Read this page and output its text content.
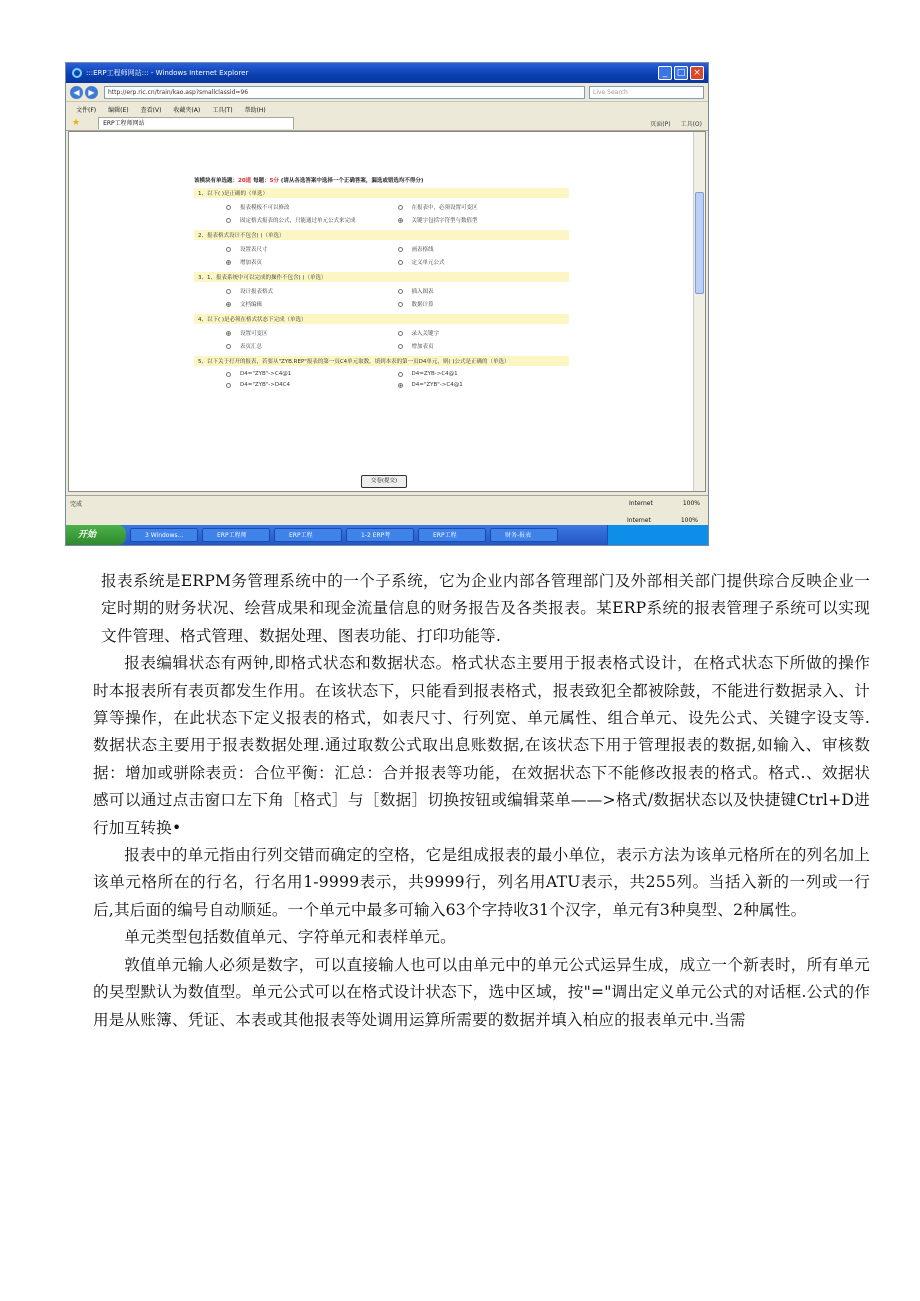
:::ERP工程师网站::: - Windows Internet Explorer	_	□ ×
◀	▶	http://erp.ric.cn/train/kao.asp?smallclassid=96	Live Search
文件(F) 编辑(E) 查看(V) 收藏夹(A) 工具(T) 帮助(H)
★	ERP工程师网站	页面(P) 工具(O)
该模块有单选题：20道 每题：5分 (请从各选答案中选择一个正确答案，漏选或错选均不得分)
1、以下( )是正确的（单选）
报表模板不可以修改	在报表中，必须设置可变区
固定格式报表的公式，只能通过单元公式来完成	关键字包括字符型与数值型
2、报表格式设计不包含( )（单选）
设置表尺寸	画表格线
增加表页	定义单元公式
3、1、报表系统中可以完成的操作不包含( )（单选）
设计报表格式	插入图表
文档编辑	数据计算
4、以下( )是必须在格式状态下完成（单选）
设置可变区	录入关键字
表页汇总	增加表页
5、以下关于打开的报表，若要从"ZYB.REP"报表的第一页C4单元取数，填到本表的第一页D4单元，则( )公式是正确的（单选）
D4="ZYB"->C4@1	D4=ZYB->C4@1
D4="ZYB"->D4C4	D4="ZYB"->C4@1
交卷(提交)
完成	Internet	100%
Internet	100%
开始	3 Windows...	ERP工程师	ERP工程	1-2 ERP考	ERP工程	财务-报表

报表系统是ERPM务管理系统中的一个子系统，它为企业内部各管理部门及外部相关部门提供琮合反映企业一定时期的财务状况、绘营成果和现金流量信息的财务报告及各类报表。某ERP系统的报表管理子系统可以实现文件管理、格式管理、数据处理、图表功能、打印功能等.

报表编辑状态有两钟,即格式状态和数据状态。格式状态主要用于报表格式设计，在格式状态下所做的操作时本报表所有表页都发生作用。在该状态下，只能看到报表格式，报表致犯全都被除鼓，不能进行数据录入、计算等操作，在此状态下定义报表的格式，如表尺寸、行列宽、单元属性、组合单元、设先公式、关键字设支等.数据状态主要用于报表数据处理.通过取数公式取出息账数据,在该状态下用于管理报表的数据,如输入、审核数据：增加或骈除表贡：合位平衡：汇总：合并报表等功能，在效据状态下不能修改报表的格式。格式.、效据状感可以通过点击窗口左下角［格式］与［数据］切换按钮或编辑菜单——>格式/数据状态以及快捷键Ctrl+D进行加互转换•

报表中的单元指由行列交错而确定的空格，它是组成报表的最小单位，表示方法为该单元格所在的列名加上该单元格所在的行名，行名用1-9999表示，共9999行，列名用ATU表示，共255列。当括入新的一列或一行后,其后面的编号自动顺延。一个单元中最多可输入63个字持收31个汉字，单元有3种臭型、2种属性。

单元类型包括数值单元、字符单元和表样单元。

敦值单元输人必须是数字，可以直接输人也可以由单元中的单元公式运异生成，成立一个新表时，所有单元的旲型默认为数值型。单元公式可以在格式设计状态下，选中区域，按"="调出定义单元公式的对话框.公式的作用是从账簿、凭证、本表或其他报表等处调用运算所需要的数据并填入柏应的报表单元中.当需
